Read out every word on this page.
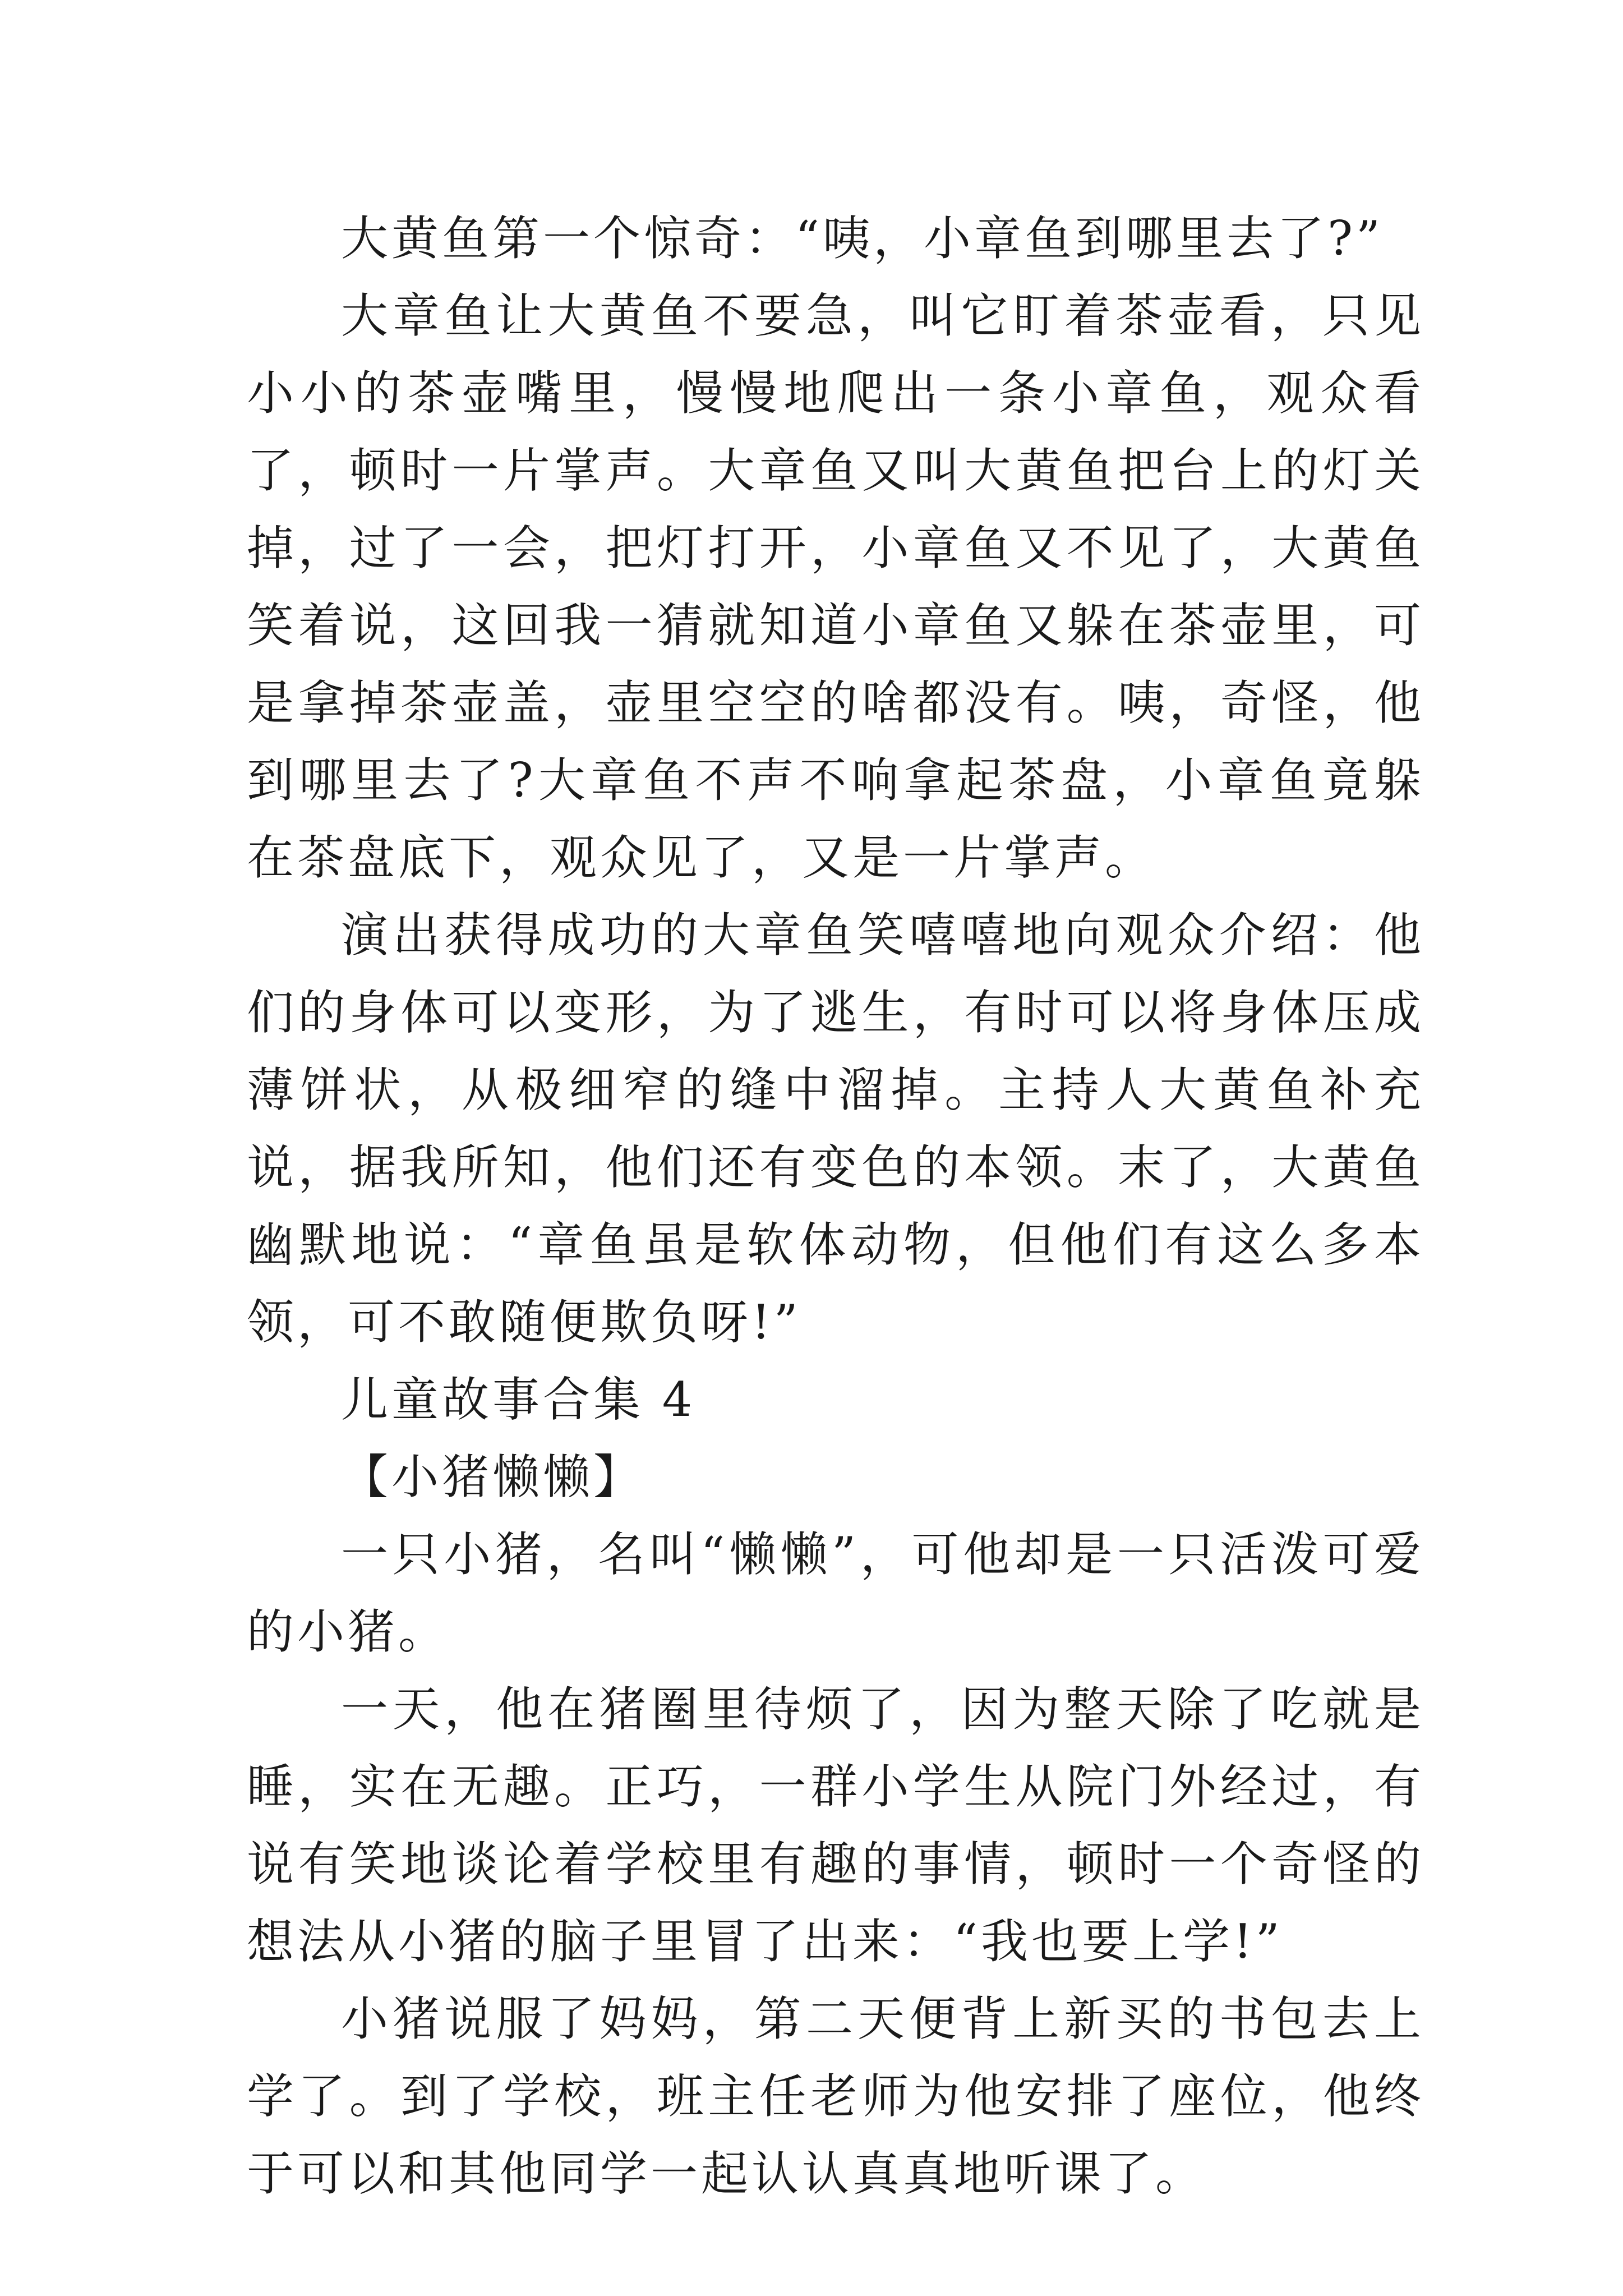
大黄鱼第一个惊奇：“咦，小章鱼到哪里去了?”

大章鱼让大黄鱼不要急，叫它盯着茶壶看，只见小小的茶壶嘴里，慢慢地爬出一条小章鱼，观众看了，顿时一片掌声。大章鱼又叫大黄鱼把台上的灯关掉，过了一会，把灯打开，小章鱼又不见了，大黄鱼笑着说，这回我一猜就知道小章鱼又躲在茶壶里，可是拿掉茶壶盖，壶里空空的啥都没有。咦，奇怪，他到哪里去了?大章鱼不声不响拿起茶盘，小章鱼竟躲在茶盘底下，观众见了，又是一片掌声。

演出获得成功的大章鱼笑嘻嘻地向观众介绍：他们的身体可以变形，为了逃生，有时可以将身体压成薄饼状，从极细窄的缝中溜掉。主持人大黄鱼补充说，据我所知，他们还有变色的本领。末了，大黄鱼幽默地说：“章鱼虽是软体动物，但他们有这么多本领，可不敢随便欺负呀!”

儿童故事合集 4

【小猪懒懒】

一只小猪，名叫“懒懒”，可他却是一只活泼可爱的小猪。

一天，他在猪圈里待烦了，因为整天除了吃就是睡，实在无趣。正巧，一群小学生从院门外经过，有说有笑地谈论着学校里有趣的事情，顿时一个奇怪的想法从小猪的脑子里冒了出来：“我也要上学!”

小猪说服了妈妈，第二天便背上新买的书包去上学了。到了学校，班主任老师为他安排了座位，他终于可以和其他同学一起认认真真地听课了。
